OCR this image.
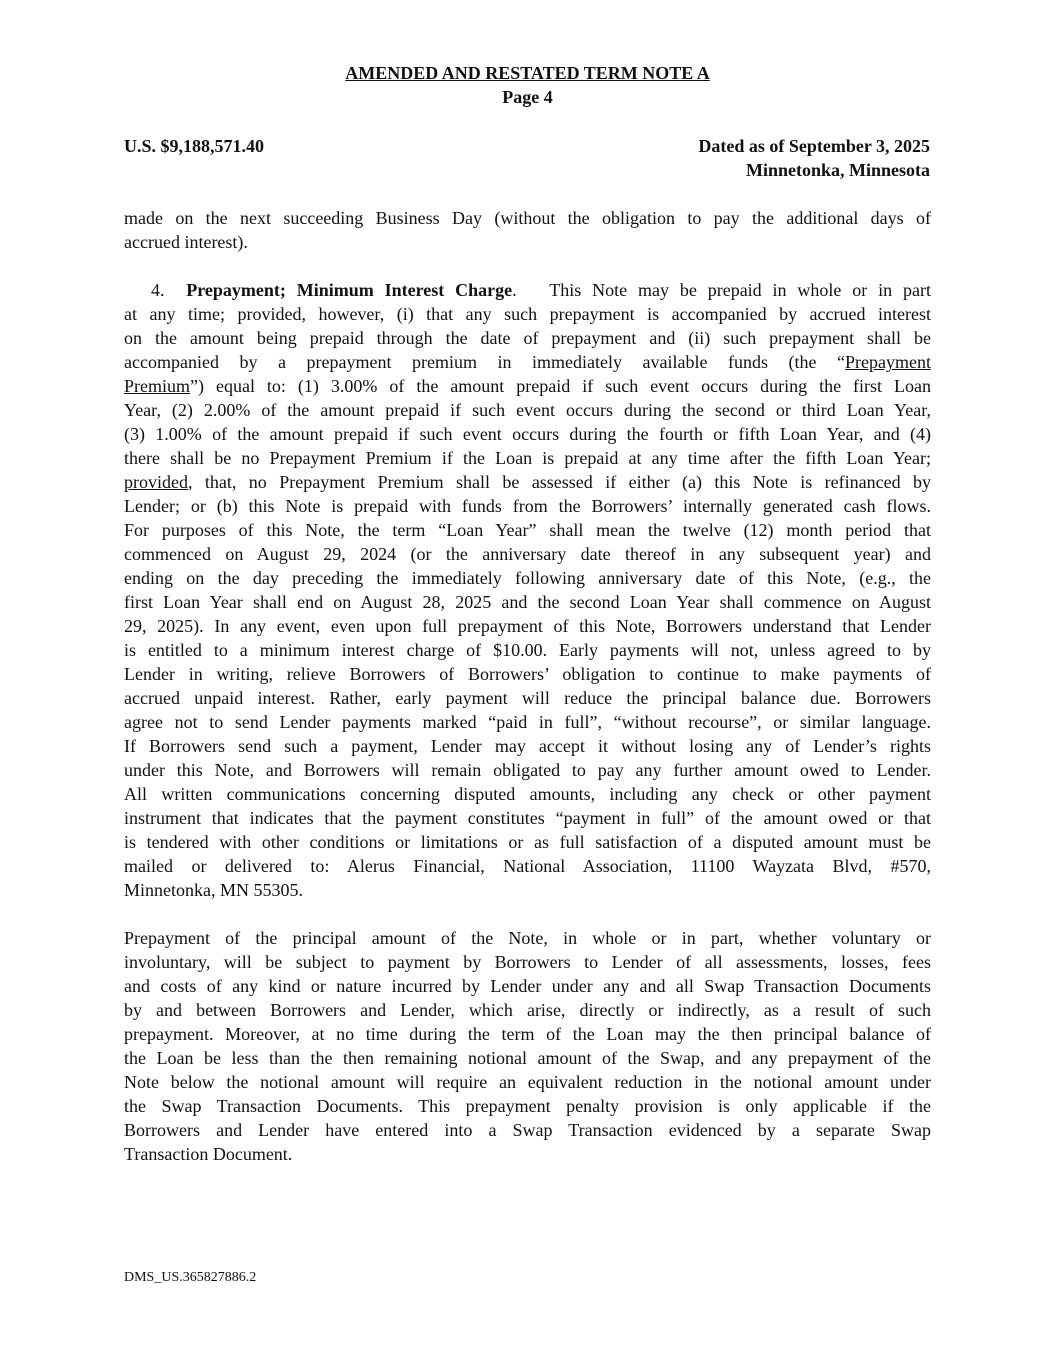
AMENDED AND RESTATED TERM NOTE A
Page 4
U.S. $9,188,571.40	Dated as of September 3, 2025
Minnetonka, Minnesota
made on the next succeeding Business Day (without the obligation to pay the additional days of
accrued interest).
4. Prepayment; Minimum Interest Charge. This Note may be prepaid in whole or in part
at any time; provided, however, (i) that any such prepayment is accompanied by accrued interest
on the amount being prepaid through the date of prepayment and (ii) such prepayment shall be
accompanied by a prepayment premium in immediately available funds (the “Prepayment
Premium”) equal to: (1) 3.00% of the amount prepaid if such event occurs during the first Loan
Year, (2) 2.00% of the amount prepaid if such event occurs during the second or third Loan Year,
(3) 1.00% of the amount prepaid if such event occurs during the fourth or fifth Loan Year, and (4)
there shall be no Prepayment Premium if the Loan is prepaid at any time after the fifth Loan Year;
provided, that, no Prepayment Premium shall be assessed if either (a) this Note is refinanced by
Lender; or (b) this Note is prepaid with funds from the Borrowers’ internally generated cash flows.
For purposes of this Note, the term “Loan Year” shall mean the twelve (12) month period that
commenced on August 29, 2024 (or the anniversary date thereof in any subsequent year) and
ending on the day preceding the immediately following anniversary date of this Note, (e.g., the
first Loan Year shall end on August 28, 2025 and the second Loan Year shall commence on August
29, 2025). In any event, even upon full prepayment of this Note, Borrowers understand that Lender
is entitled to a minimum interest charge of $10.00. Early payments will not, unless agreed to by
Lender in writing, relieve Borrowers of Borrowers’ obligation to continue to make payments of
accrued unpaid interest. Rather, early payment will reduce the principal balance due. Borrowers
agree not to send Lender payments marked “paid in full”, “without recourse”, or similar language.
If Borrowers send such a payment, Lender may accept it without losing any of Lender’s rights
under this Note, and Borrowers will remain obligated to pay any further amount owed to Lender.
All written communications concerning disputed amounts, including any check or other payment
instrument that indicates that the payment constitutes “payment in full” of the amount owed or that
is tendered with other conditions or limitations or as full satisfaction of a disputed amount must be
mailed or delivered to: Alerus Financial, National Association, 11100 Wayzata Blvd, #570,
Minnetonka, MN 55305.
Prepayment of the principal amount of the Note, in whole or in part, whether voluntary or
involuntary, will be subject to payment by Borrowers to Lender of all assessments, losses, fees
and costs of any kind or nature incurred by Lender under any and all Swap Transaction Documents
by and between Borrowers and Lender, which arise, directly or indirectly, as a result of such
prepayment. Moreover, at no time during the term of the Loan may the then principal balance of
the Loan be less than the then remaining notional amount of the Swap, and any prepayment of the
Note below the notional amount will require an equivalent reduction in the notional amount under
the Swap Transaction Documents. This prepayment penalty provision is only applicable if the
Borrowers and Lender have entered into a Swap Transaction evidenced by a separate Swap
Transaction Document.
DMS_US.365827886.2
